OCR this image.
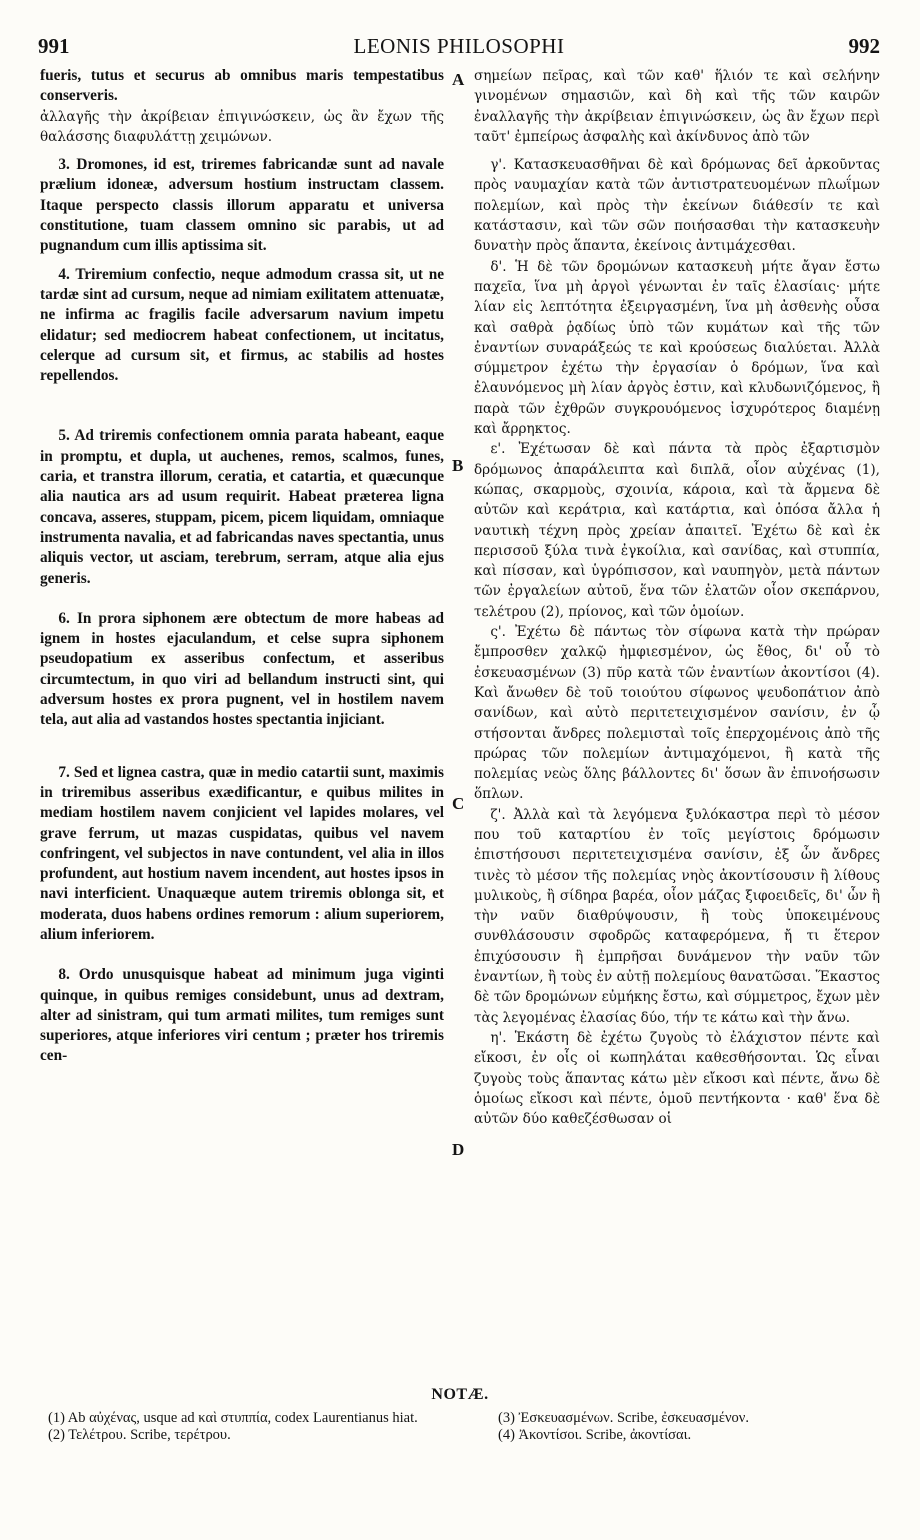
991	LEONIS PHILOSOPHI	992
A
B
C
D

fueris, tutus et securus ab omnibus maris tempestatibus conserveris.

ἀλλαγῆς τὴν ἀκρίβειαν ἐπιγινώσκειν, ὡς ἂν ἔχων τῆς θαλάσσης διαφυλάττῃ χειμώνων.

3. Dromones, id est, triremes fabricandæ sunt ad navale prælium idoneæ, adversum hostium instructam classem. Itaque perspecto classis illorum apparatu et universa constitutione, tuam classem omnino sic parabis, ut ad pugnandum cum illis aptissima sit.

4. Triremium confectio, neque admodum crassa sit, ut ne tardæ sint ad cursum, neque ad nimiam exilitatem attenuatæ, ne infirma ac fragilis facile adversarum navium impetu elidatur; sed mediocrem habeat confectionem, ut incitatus, celerque ad cursum sit, et firmus, ac stabilis ad hostes repellendos.

5. Ad triremis confectionem omnia parata habeant, eaque in promptu, et dupla, ut auchenes, remos, scalmos, funes, caria, et transtra illorum, ceratia, et catartia, et quæcunque alia nautica ars ad usum requirit. Habeat præterea ligna concava, asseres, stuppam, picem, picem liquidam, omniaque instrumenta navalia, et ad fabricandas naves spectantia, unus aliquis vector, ut asciam, terebrum, serram, atque alia ejus generis.

6. In prora siphonem ære obtectum de more habeas ad ignem in hostes ejaculandum, et celse supra siphonem pseudopatium ex asseribus confectum, et asseribus circumtectum, in quo viri ad bellandum instructi sint, qui adversum hostes ex prora pugnent, vel in hostilem navem tela, aut alia ad vastandos hostes spectantia injiciant.

7. Sed et lignea castra, quæ in medio catartii sunt, maximis in triremibus asseribus exædificantur, e quibus milites in mediam hostilem navem conjicient vel lapides molares, vel grave ferrum, ut mazas cuspidatas, quibus vel navem confringent, vel subjectos in nave contundent, vel alia in illos profundent, aut hostium navem incendent, aut hostes ipsos in navi interficient. Unaquæque autem triremis oblonga sit, et moderata, duos habens ordines remorum : alium superiorem, alium inferiorem.

8. Ordo unusquisque habeat ad minimum juga viginti quinque, in quibus remiges considebunt, unus ad dextram, alter ad sinistram, qui tum armati milites, tum remiges sunt superiores, atque inferiores viri centum ; præter hos triremis cen-

σημείων πεῖρας, καὶ τῶν καθ' ἥλιόν τε καὶ σελήνην γινομένων σημασιῶν, καὶ δὴ καὶ τῆς τῶν καιρῶν ἐναλλαγῆς τὴν ἀκρίβειαν ἐπιγινώσκειν, ὡς ἂν ἔχων περὶ ταῦτ' ἐμπείρως ἀσφαλὴς καὶ ἀκίνδυνος ἀπὸ τῶν

γ'. Κατασκευασθῆναι δὲ καὶ δρόμωνας δεῖ ἀρκοῦντας πρὸς ναυμαχίαν κατὰ τῶν ἀντιστρατευομένων πλωΐμων πολεμίων, καὶ πρὸς τὴν ἐκείνων διάθεσίν τε καὶ κατάστασιν, καὶ τῶν σῶν ποιήσασθαι τὴν κατασκευὴν δυνατὴν πρὸς ἅπαντα, ἐκείνοις ἀντιμάχεσθαι.

δ'. Ἡ δὲ τῶν δρομώνων κατασκευὴ μήτε ἄγαν ἔστω παχεῖα, ἵνα μὴ ἀργοὶ γένωνται ἐν ταῖς ἐλασίαις· μήτε λίαν εἰς λεπτότητα ἐξειργασμένη, ἵνα μὴ ἀσθενὴς οὖσα καὶ σαθρὰ ῥᾳδίως ὑπὸ τῶν κυμάτων καὶ τῆς τῶν ἐναντίων συναράξεώς τε καὶ κρούσεως διαλύεται. Ἀλλὰ σύμμετρον ἐχέτω τὴν ἐργασίαν ὁ δρόμων, ἵνα καὶ ἐλαυνόμενος μὴ λίαν ἀργὸς ἐστιν, καὶ κλυδωνιζόμενος, ἢ παρὰ τῶν ἐχθρῶν συγκρουόμενος ἰσχυρότερος διαμένῃ καὶ ἄρρηκτος.

ε'. Ἐχέτωσαν δὲ καὶ πάντα τὰ πρὸς ἐξαρτισμὸν δρόμωνος ἀπαράλειπτα καὶ διπλᾶ, οἷον αὐχένας (1), κώπας, σκαρμοὺς, σχοινία, κάροια, καὶ τὰ ἄρμενα δὲ αὐτῶν καὶ κεράτρια, καὶ κατάρτια, καὶ ὁπόσα ἄλλα ἡ ναυτικὴ τέχνη πρὸς χρείαν ἀπαιτεῖ. Ἐχέτω δὲ καὶ ἐκ περισσοῦ ξύλα τινὰ ἐγκοίλια, καὶ σανίδας, καὶ στυππία, καὶ πίσσαν, καὶ ὑγρόπισσον, καὶ ναυπηγὸν, μετὰ πάντων τῶν ἐργαλείων αὐτοῦ, ἕνα τῶν ἐλατῶν οἷον σκεπάρνου, τελέτρου (2), πρίονος, καὶ τῶν ὁμοίων.

ς'. Ἐχέτω δὲ πάντως τὸν σίφωνα κατὰ τὴν πρώραν ἔμπροσθεν χαλκῷ ἠμφιεσμένον, ὡς ἔθος, δι' οὗ τὸ ἐσκευασμένων (3) πῦρ κατὰ τῶν ἐναντίων ἀκοντίσοι (4). Καὶ ἄνωθεν δὲ τοῦ τοιούτου σίφωνος ψευδοπάτιον ἀπὸ σανίδων, καὶ αὐτὸ περιτετειχισμένον σανίσιν, ἐν ᾧ στήσονται ἄνδρες πολεμισταὶ τοῖς ἐπερχομένοις ἀπὸ τῆς πρώρας τῶν πολεμίων ἀντιμαχόμενοι, ἢ κατὰ τῆς πολεμίας νεὼς ὅλης βάλλοντες δι' ὅσων ἂν ἐπινοήσωσιν ὅπλων.

ζ'. Ἀλλὰ καὶ τὰ λεγόμενα ξυλόκαστρα περὶ τὸ μέσον που τοῦ καταρτίου ἐν τοῖς μεγίστοις δρόμωσιν ἐπιστήσουσι περιτετειχισμένα σανίσιν, ἐξ ὧν ἄνδρες τινὲς τὸ μέσον τῆς πολεμίας νηὸς ἀκοντίσουσιν ἢ λίθους μυλικοὺς, ἢ σίδηρα βαρέα, οἷον μάζας ξιφοειδεῖς, δι' ὧν ἢ τὴν ναῦν διαθρύψουσιν, ἢ τοὺς ὑποκειμένους συνθλάσουσιν σφοδρῶς καταφερόμενα, ἤ τι ἕτερον ἐπιχύσουσιν ἢ ἐμπρῆσαι δυνάμενον τὴν ναῦν τῶν ἐναντίων, ἢ τοὺς ἐν αὐτῇ πολεμίους θανατῶσαι. Ἕκαστος δὲ τῶν δρομώνων εὐμήκης ἔστω, καὶ σύμμετρος, ἔχων μὲν τὰς λεγομένας ἐλασίας δύο, τήν τε κάτω καὶ τὴν ἄνω.

η'. Ἑκάστη δὲ ἐχέτω ζυγοὺς τὸ ἐλάχιστον πέντε καὶ εἴκοσι, ἐν οἷς οἱ κωπηλάται καθεσθήσονται. Ὡς εἶναι ζυγοὺς τοὺς ἅπαντας κάτω μὲν εἴκοσι καὶ πέντε, ἄνω δὲ ὁμοίως εἴκοσι καὶ πέντε, ὁμοῦ πεντήκοντα · καθ' ἕνα δὲ αὐτῶν δύο καθεζέσθωσαν οἱ

NOTÆ.

(1) Ab αὐχένας, usque ad καὶ στυππία, codex Laurentianus hiat.

(2) Τελέτρου. Scribe, τερέτρου.

(3) Ἐσκευασμένων. Scribe, ἐσκευασμένον.

(4) Ἀκοντίσοι. Scribe, ἀκοντίσαι.
